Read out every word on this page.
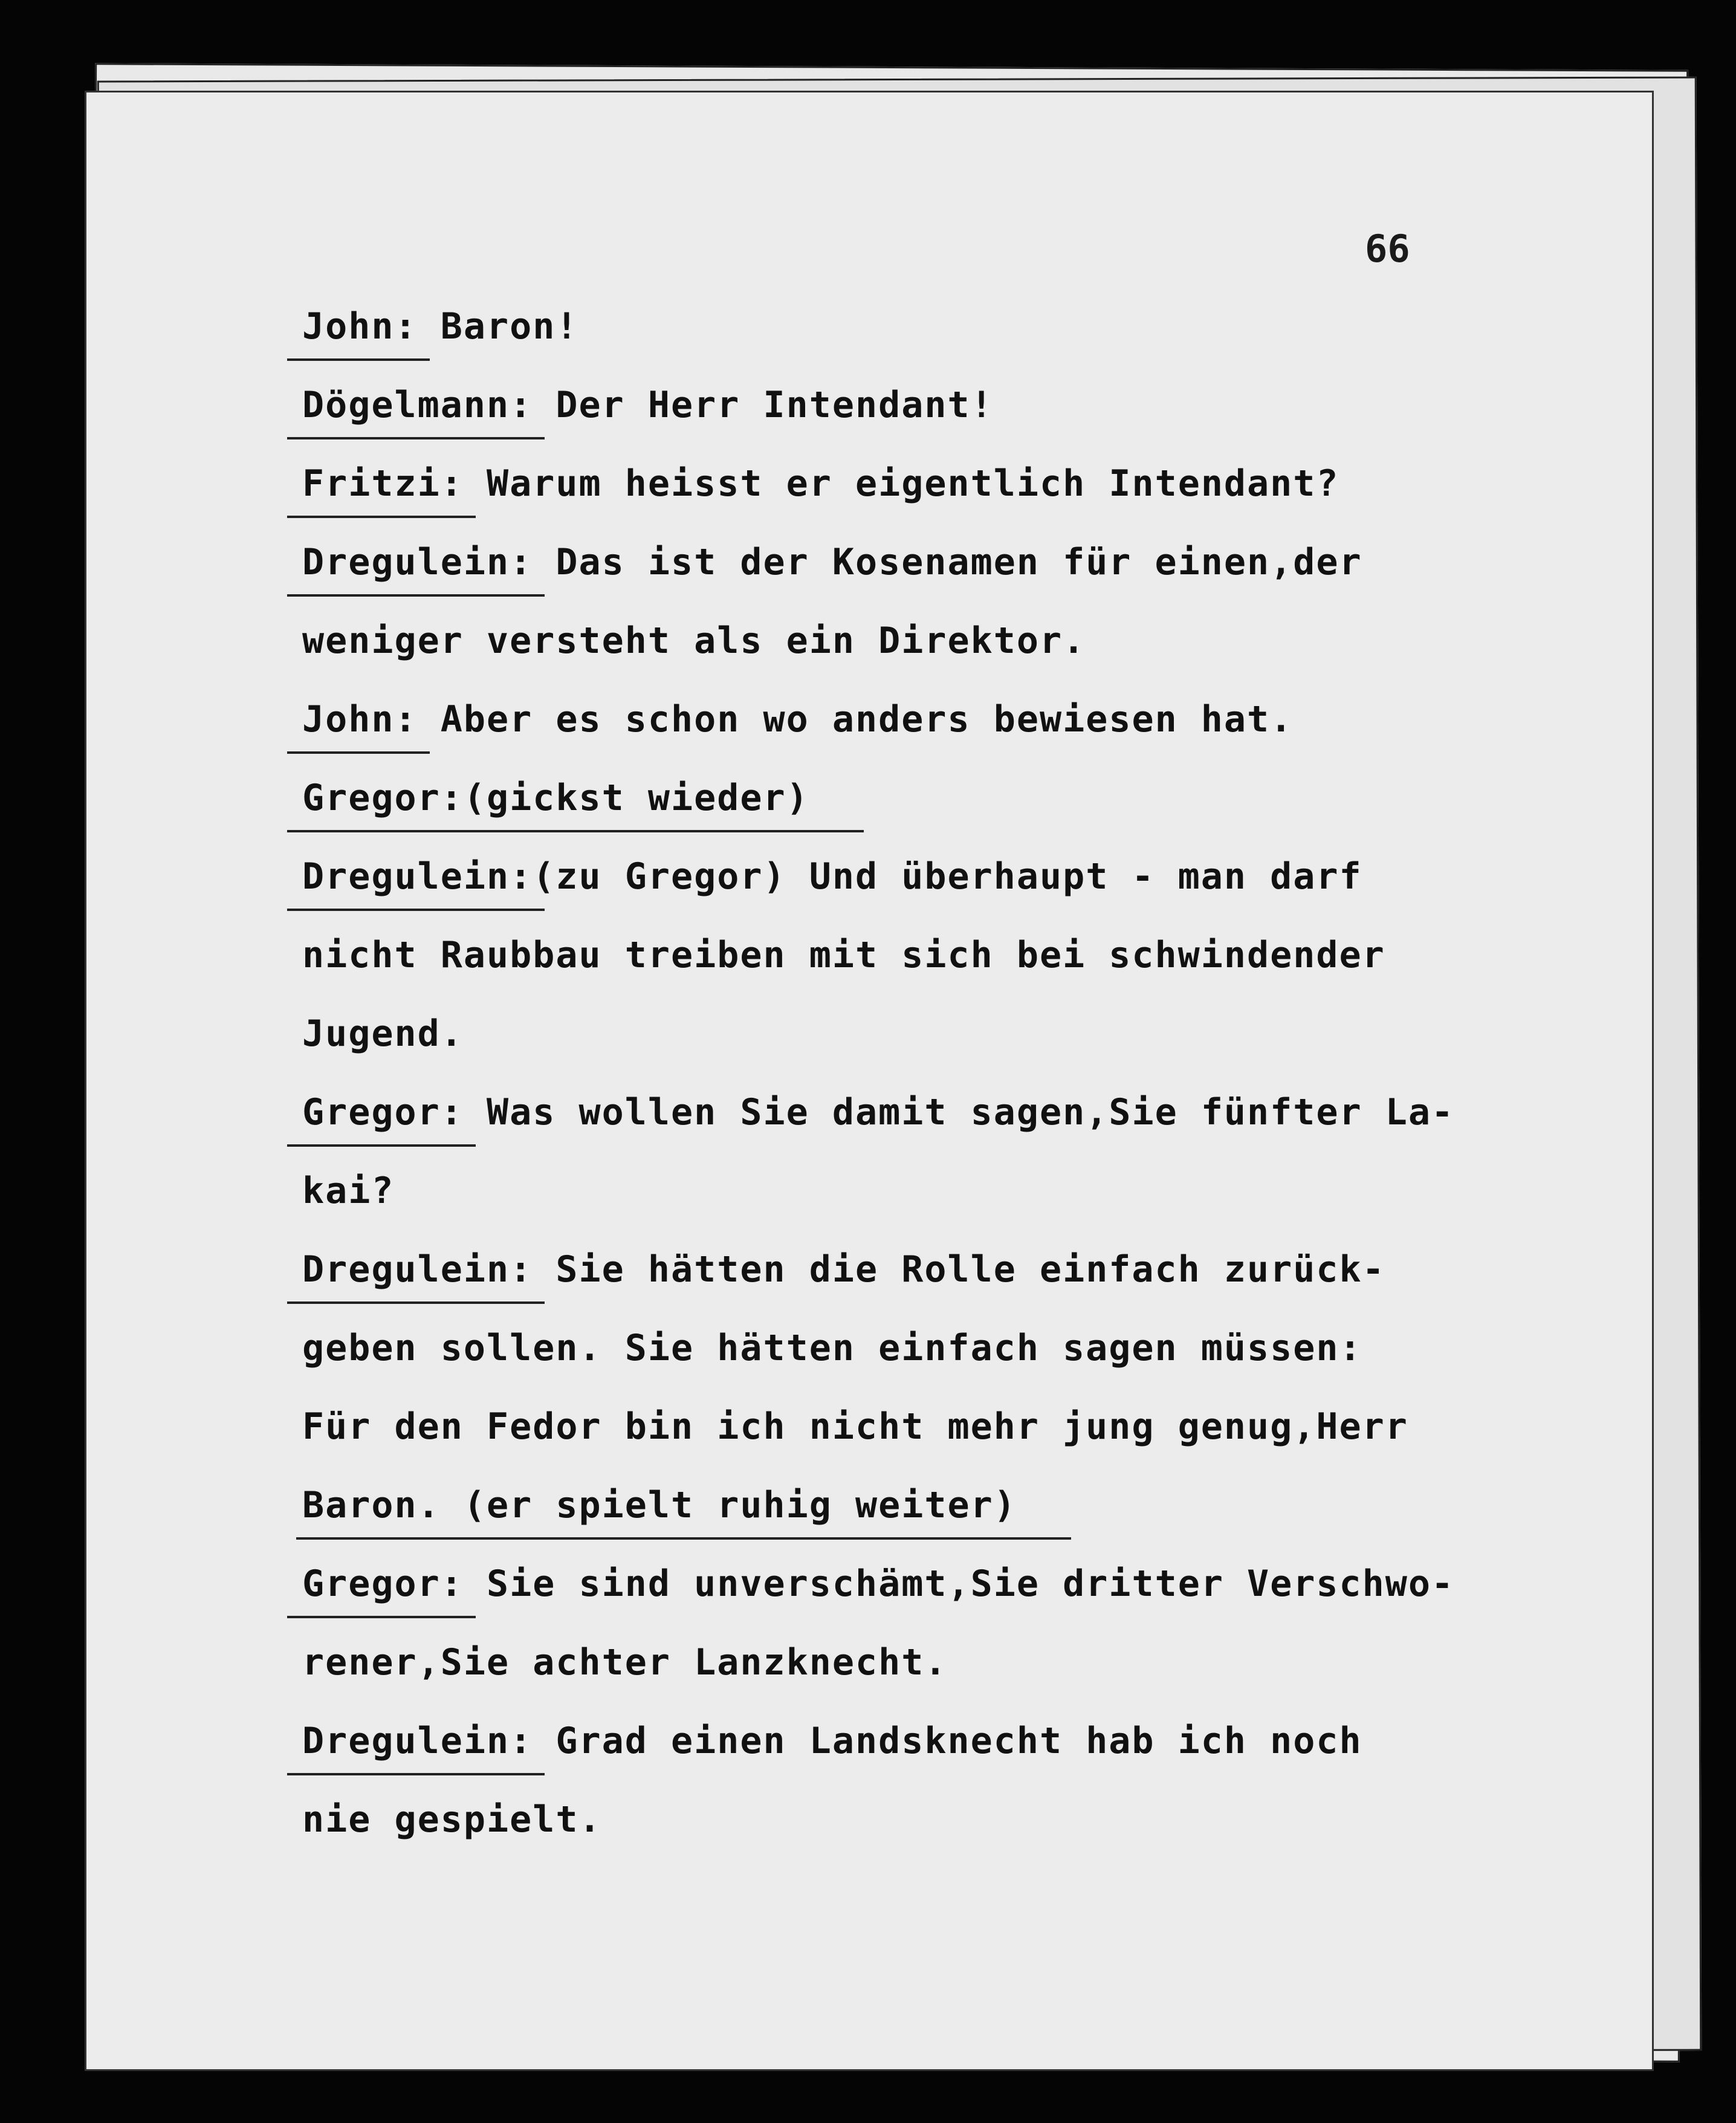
66
John: Baron!
Dögelmann: Der Herr Intendant!
Fritzi: Warum heisst er eigentlich Intendant?
Dregulein: Das ist der Kosenamen für einen,der
weniger versteht als ein Direktor.
John: Aber es schon wo anders bewiesen hat.
Gregor:(gickst wieder)
Dregulein:(zu Gregor) Und überhaupt - man darf
nicht Raubbau treiben mit sich bei schwindender
Jugend.
Gregor: Was wollen Sie damit sagen,Sie fünfter La-
kai?
Dregulein: Sie hätten die Rolle einfach zurück-
geben sollen. Sie hätten einfach sagen müssen:
Für den Fedor bin ich nicht mehr jung genug,Herr
Baron. (er spielt ruhig weiter)
Gregor: Sie sind unverschämt,Sie dritter Verschwo-
rener,Sie achter Lanzknecht.
Dregulein: Grad einen Landsknecht hab ich noch
nie gespielt.
